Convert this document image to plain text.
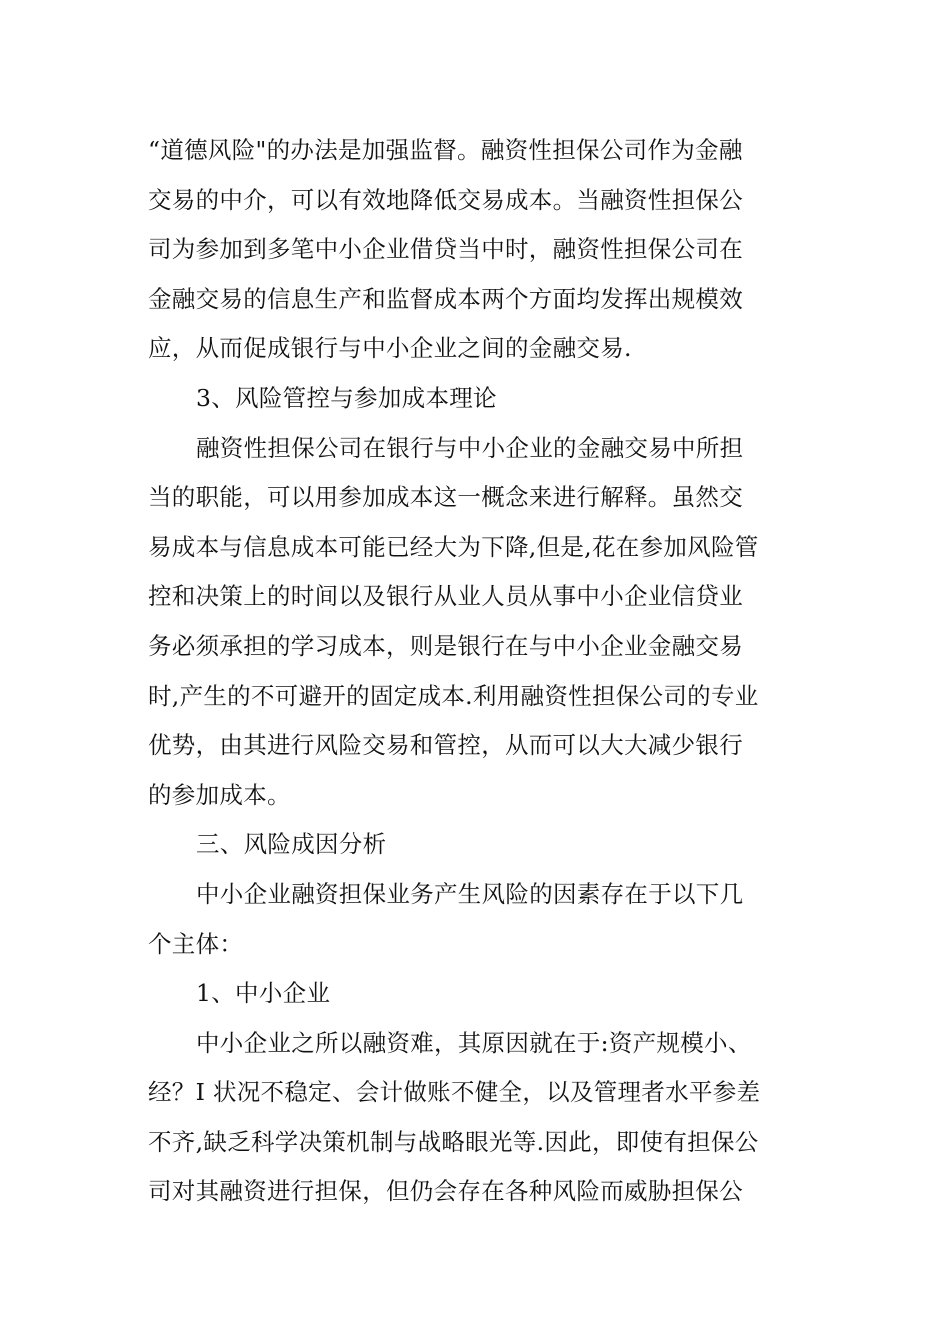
“道德风险"的办法是加强监督。融资性担保公司作为金融
交易的中介，可以有效地降低交易成本。当融资性担保公
司为参加到多笔中小企业借贷当中时，融资性担保公司在
金融交易的信息生产和监督成本两个方面均发挥出规模效
应，从而促成银行与中小企业之间的金融交易.
3、风险管控与参加成本理论
融资性担保公司在银行与中小企业的金融交易中所担
当的职能，可以用参加成本这一概念来进行解释。虽然交
易成本与信息成本可能已经大为下降,但是,花在参加风险管
控和决策上的时间以及银行从业人员从事中小企业信贷业
务必须承担的学习成本，则是银行在与中小企业金融交易
时,产生的不可避开的固定成本.利用融资性担保公司的专业
优势，由其进行风险交易和管控，从而可以大大减少银行
的参加成本。
三、风险成因分析
中小企业融资担保业务产生风险的因素存在于以下几
个主体：
1、中小企业
中小企业之所以融资难，其原因就在于:资产规模小、
经？I 状况不稳定、会计做账不健全，以及管理者水平参差
不齐,缺乏科学决策机制与战略眼光等.因此，即使有担保公
司对其融资进行担保，但仍会存在各种风险而威胁担保公
